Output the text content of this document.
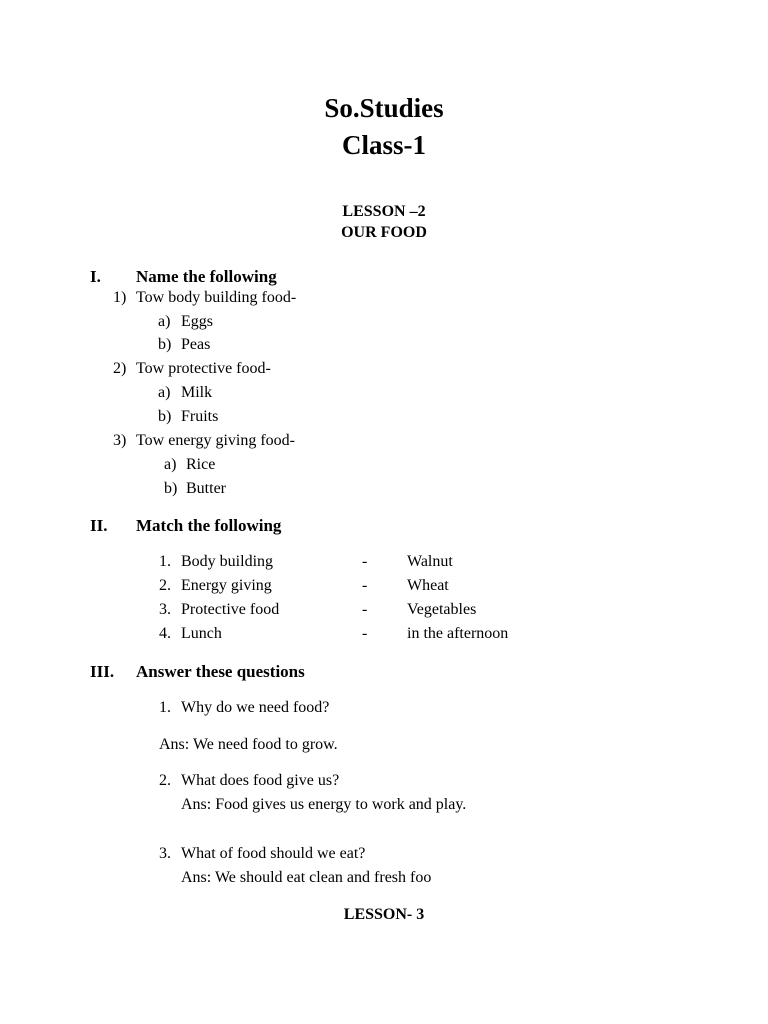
So.Studies
Class-1
LESSON –2
OUR FOOD
I. Name the following
1) Tow body building food-
a) Eggs
b) Peas
2) Tow protective food-
a) Milk
b) Fruits
3) Tow energy giving food-
a) Rice
b) Butter
II. Match the following
1. Body building	- Walnut
2. Energy giving	- Wheat
3. Protective food	- Vegetables
4. Lunch	- in the afternoon
III. Answer these questions
1. Why do we need food?
Ans: We need food to grow.
2. What does food give us?
Ans: Food gives us energy to work and play.
3. What of food should we eat?
Ans: We should eat clean and fresh foo
LESSON- 3
